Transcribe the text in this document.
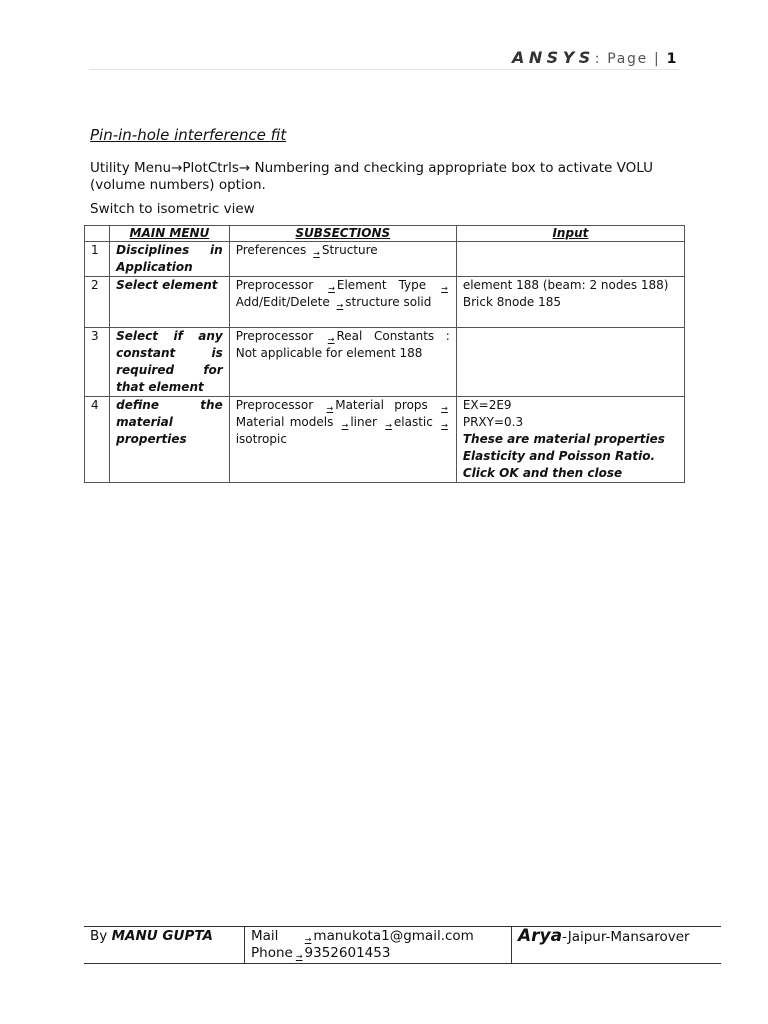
ANSYS: Page | 1
Pin-in-hole interference fit

Utility Menu→PlotCtrls→ Numbering and checking appropriate box to activate VOLU (volume numbers) option.

Switch to isometric view

	MAIN MENU	SUBSECTIONS	Input
1	Disciplines in Application	Preferences → Structure	
2	Select element	Preprocessor → Element Type →Add/Edit/Delete → structure solid	element 188 (beam: 2 nodes 188)
Brick 8node 185

3	Select if any constant is required for that element	Preprocessor → Real Constants : Not applicable for element 188	
4	define the material properties	Preprocessor → Material props →Material models → liner → elastic →isotropic	EX=2E9
PRXY=0.3
These are material properties Elasticity and Poisson Ratio.
Click OK and then close
By MANU GUPTA	Mail	→ manukota1@gmail.com
Phone → 9352601453
	Arya-Jaipur-Mansarover
